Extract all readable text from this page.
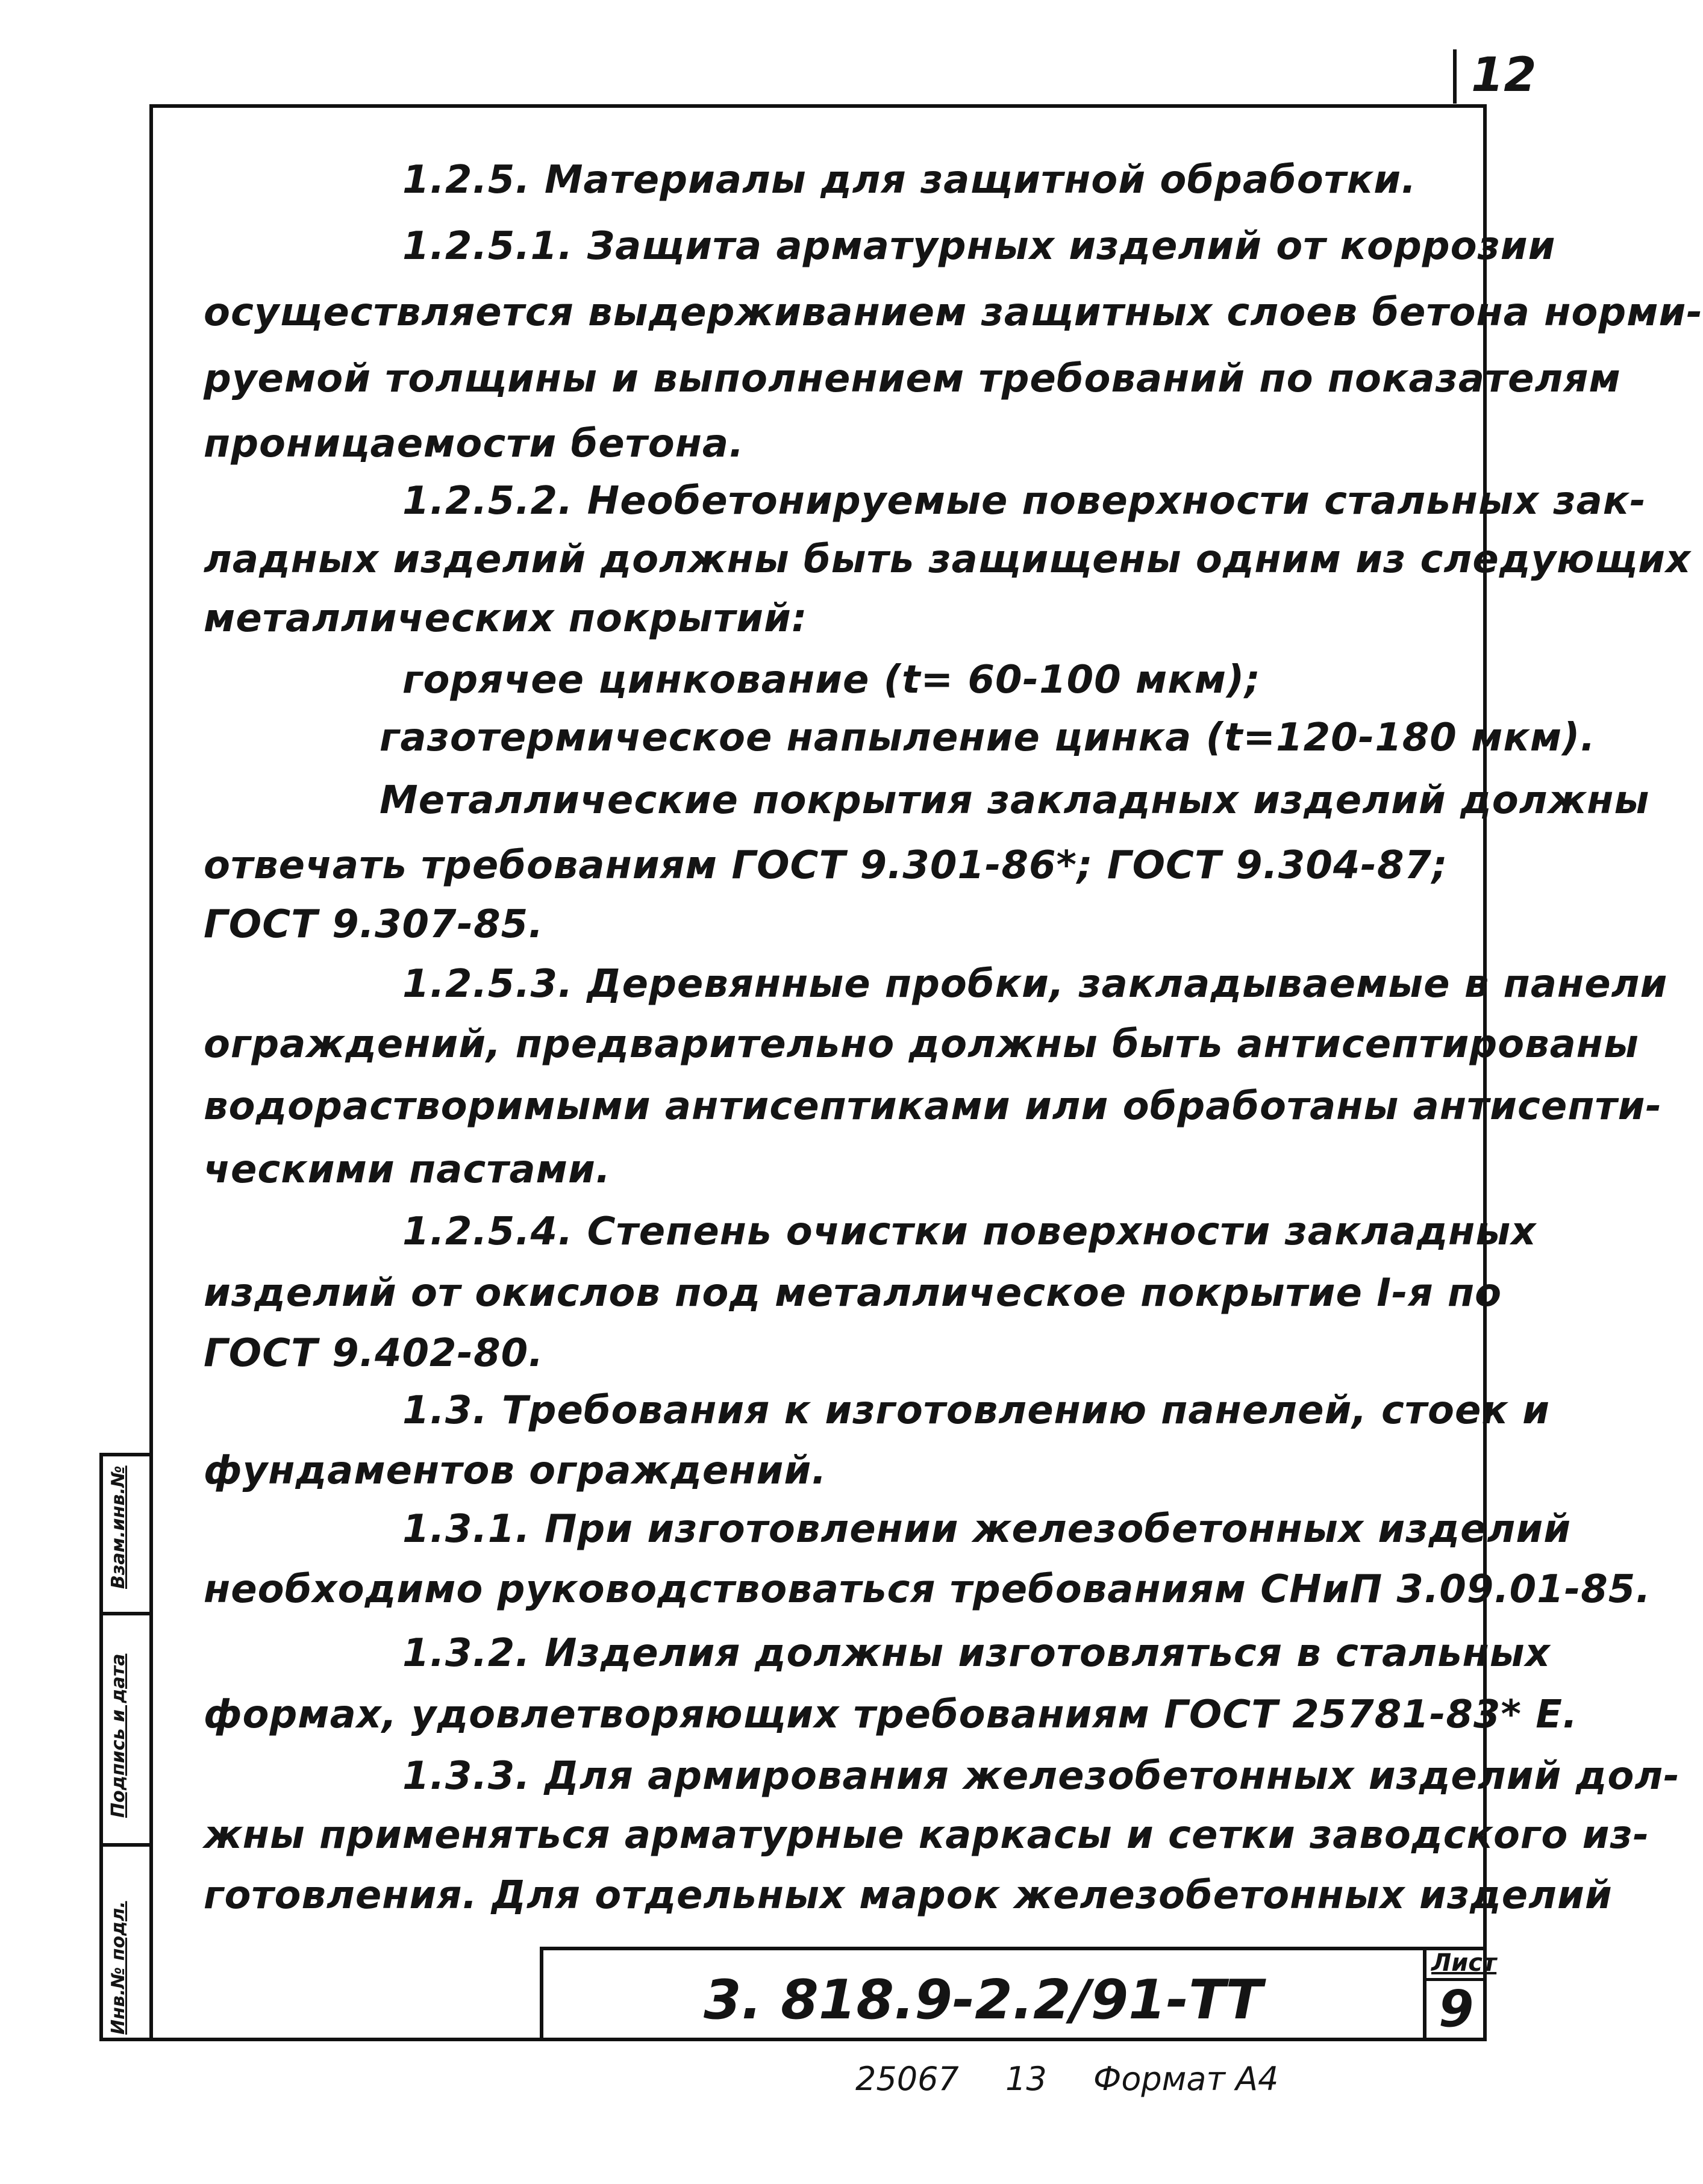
12
Взам.инв.№
Подпись и дата
Инв.№ подл.
1.2.5. Материалы для защитной обработки.
1.2.5.1. Защита арматурных изделий от коррозии
осуществляется выдерживанием защитных слоев бетона норми-
руемой толщины и выполнением требований по показателям
проницаемости бетона.
1.2.5.2. Необетонируемые поверхности стальных зак-
ладных изделий должны быть защищены одним из следующих
металлических покрытий:
горячее цинкование (t= 60-100 мкм);
газотермическое напыление цинка (t=120-180 мкм).
Металлические покрытия закладных изделий должны
отвечать требованиям ГОСТ 9.301-86*; ГОСТ 9.304-87;
ГОСТ 9.307-85.
1.2.5.3. Деревянные пробки, закладываемые в панели
ограждений, предварительно должны быть антисептированы
водорастворимыми антисептиками или обработаны антисепти-
ческими пастами.
1.2.5.4. Степень очистки поверхности закладных
изделий от окислов под металлическое покрытие I-я по
ГОСТ 9.402-80.
1.3. Требования к изготовлению панелей, стоек и
фундаментов ограждений.
1.3.1. При изготовлении железобетонных изделий
необходимо руководствоваться требованиям СНиП 3.09.01-85.
1.3.2. Изделия должны изготовляться в стальных
формах, удовлетворяющих требованиям ГОСТ 25781-83* Е.
1.3.3. Для армирования железобетонных изделий дол-
жны применяться арматурные каркасы и сетки заводского из-
готовления. Для отдельных марок железобетонных изделий
3. 818.9-2.2/91-ТТ
Лист
9
25067 13 Формат А4
